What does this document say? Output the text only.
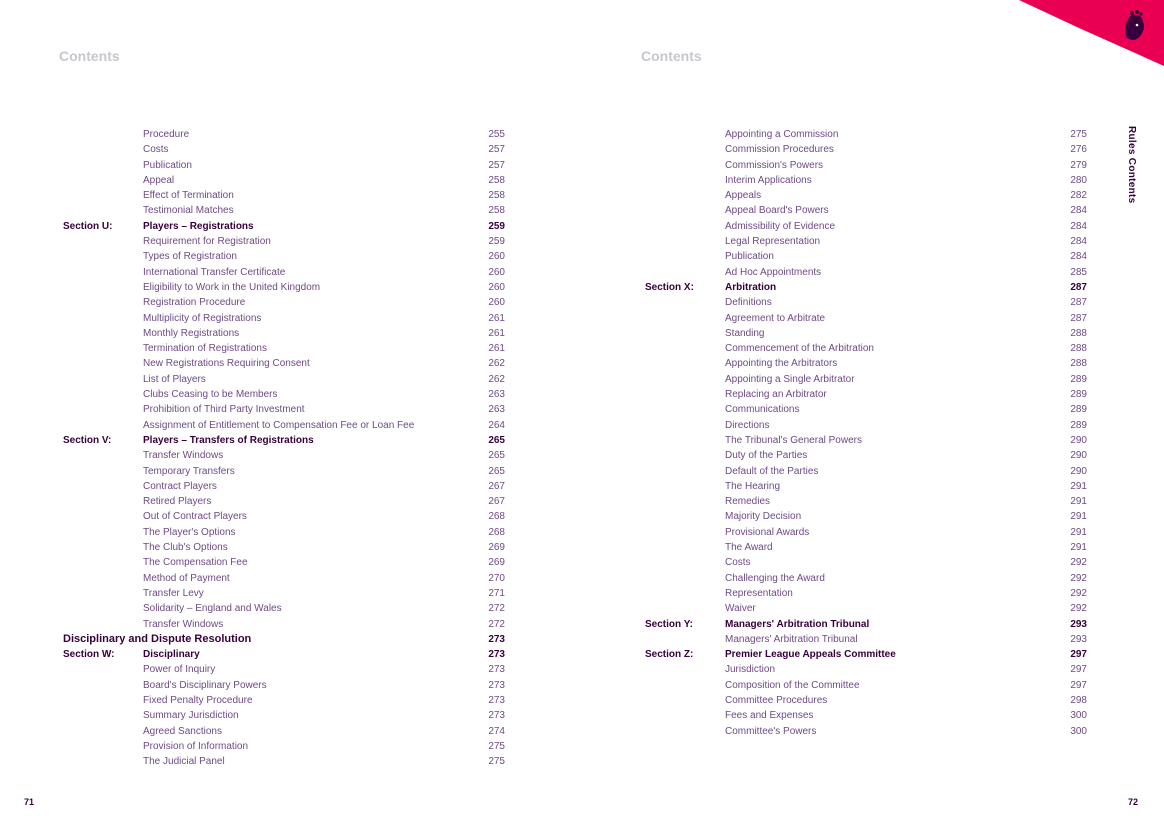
Contents	Contents
Procedure	255
Costs	257
Publication	257
Appeal	258
Effect of Termination	258
Testimonial Matches	258
Section U:	Players – Registrations	259
Requirement for Registration	259
Types of Registration	260
International Transfer Certificate	260
Eligibility to Work in the United Kingdom	260
Registration Procedure	260
Multiplicity of Registrations	261
Monthly Registrations	261
Termination of Registrations	261
New Registrations Requiring Consent	262
List of Players	262
Clubs Ceasing to be Members	263
Prohibition of Third Party Investment	263
Assignment of Entitlement to Compensation Fee or Loan Fee	264
Section V:	Players – Transfers of Registrations	265
Transfer Windows	265
Temporary Transfers	265
Contract Players	267
Retired Players	267
Out of Contract Players	268
The Player's Options	268
The Club's Options	269
The Compensation Fee	269
Method of Payment	270
Transfer Levy	271
Solidarity – England and Wales	272
Transfer Windows	272
Disciplinary and Dispute Resolution	273
Section W:	Disciplinary	273
Power of Inquiry	273
Board's Disciplinary Powers	273
Fixed Penalty Procedure	273
Summary Jurisdiction	273
Agreed Sanctions	274
Provision of Information	275
The Judicial Panel	275
Appointing a Commission	275
Commission Procedures	276
Commission's Powers	279
Interim Applications	280
Appeals	282
Appeal Board's Powers	284
Admissibility of Evidence	284
Legal Representation	284
Publication	284
Ad Hoc Appointments	285
Section X:	Arbitration	287
Definitions	287
Agreement to Arbitrate	287
Standing	288
Commencement of the Arbitration	288
Appointing the Arbitrators	288
Appointing a Single Arbitrator	289
Replacing an Arbitrator	289
Communications	289
Directions	289
The Tribunal's General Powers	290
Duty of the Parties	290
Default of the Parties	290
The Hearing	291
Remedies	291
Majority Decision	291
Provisional Awards	291
The Award	291
Costs	292
Challenging the Award	292
Representation	292
Waiver	292
Section Y:	Managers' Arbitration Tribunal	293
Managers' Arbitration Tribunal	293
Section Z:	Premier League Appeals Committee	297
Jurisdiction	297
Composition of the Committee	297
Committee Procedures	298
Fees and Expenses	300
Committee's Powers	300
71	72
Rules Contents
